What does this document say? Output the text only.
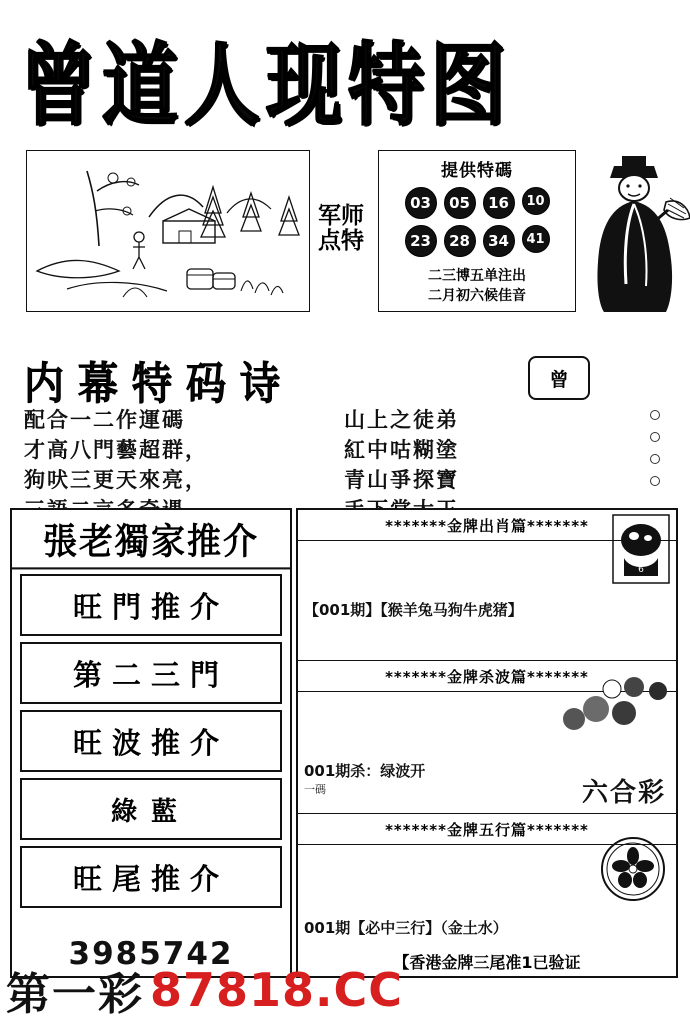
曾道人现特图
军师点特
提供特碼
03	05	16	10
23	28	34	41
二三博五单注出
二月初六候佳音
内幕特码诗	曾
配合一二作運碼	山上之徒弟
才高八門藝超群，	紅中咕糊塗
狗吠三更天來亮，	青山爭探寶
張老獨家推介
旺門推介
第二三門
旺波推介
綠藍
旺尾推介
3985742
*******金牌出肖篇*******
【001期】【猴羊兔马狗牛虎猪】
6
*******金牌杀波篇*******
001期杀：绿波开
一碼	六合彩
*******金牌五行篇*******
001期【必中三行】（金土水）
【香港金牌三尾准1已验证
第一彩 87818.CC
